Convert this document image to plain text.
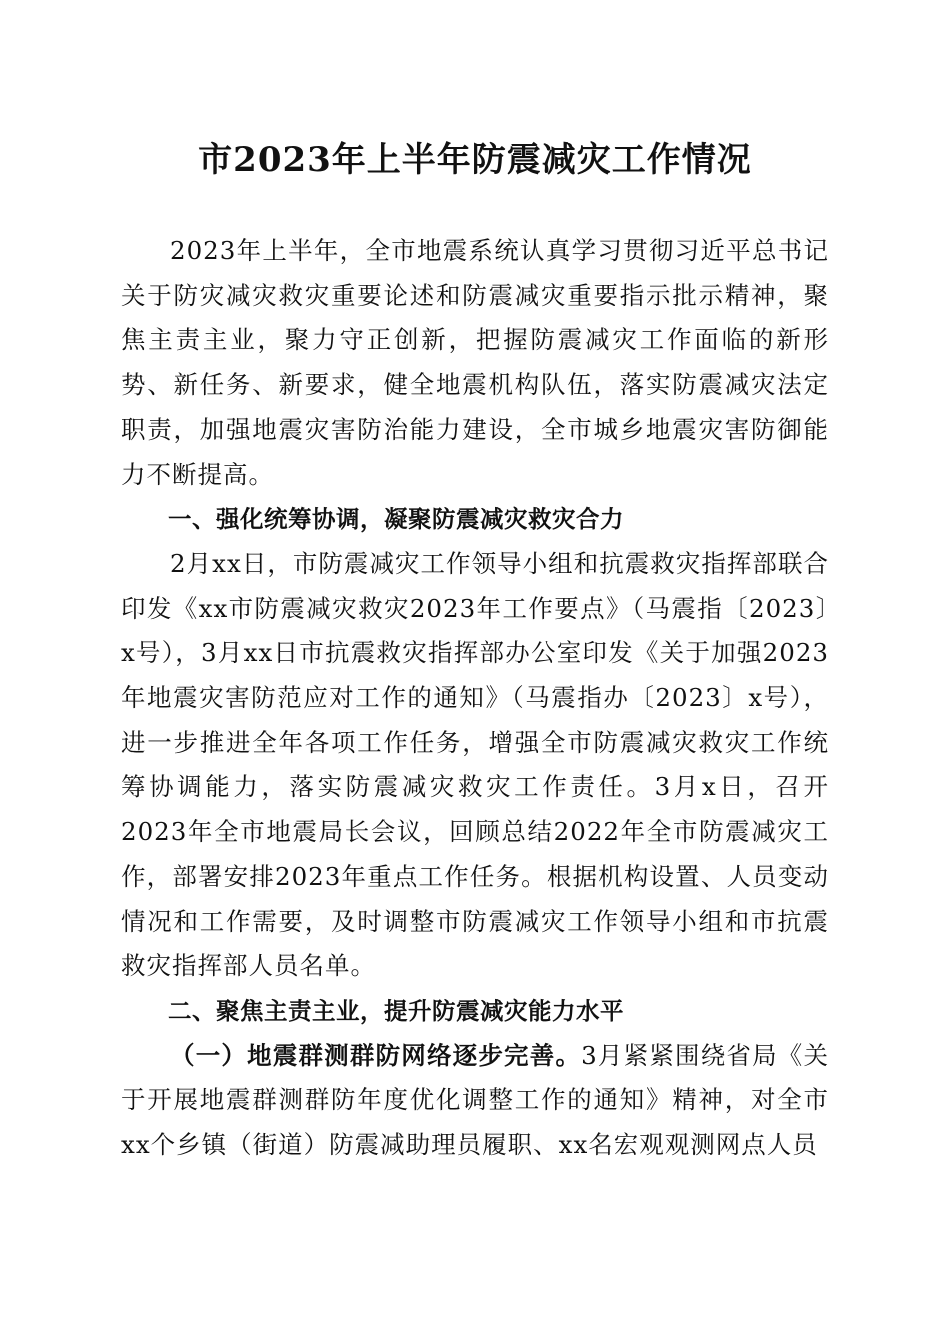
市2023年上半年防震减灾工作情况

2023年上半年，全市地震系统认真学习贯彻习近平总书记关于防灾减灾救灾重要论述和防震减灾重要指示批示精神，聚焦主责主业，聚力守正创新，把握防震减灾工作面临的新形势、新任务、新要求，健全地震机构队伍，落实防震减灾法定职责，加强地震灾害防治能力建设，全市城乡地震灾害防御能力不断提高。

一、强化统筹协调，凝聚防震减灾救灾合力

2月xx日，市防震减灾工作领导小组和抗震救灾指挥部联合印发《xx市防震减灾救灾2023年工作要点》（马震指〔2023〕x号），3月xx日市抗震救灾指挥部办公室印发《关于加强2023年地震灾害防范应对工作的通知》（马震指办〔2023〕x号），进一步推进全年各项工作任务，增强全市防震减灾救灾工作统筹协调能力，落实防震减灾救灾工作责任。3月x日，召开2023年全市地震局长会议，回顾总结2022年全市防震减灾工作，部署安排2023年重点工作任务。根据机构设置、人员变动情况和工作需要，及时调整市防震减灾工作领导小组和市抗震救灾指挥部人员名单。

二、聚焦主责主业，提升防震减灾能力水平

（一）地震群测群防网络逐步完善。3月紧紧围绕省局《关于开展地震群测群防年度优化调整工作的通知》精神，对全市xx个乡镇（街道）防震减助理员履职、xx名宏观观测网点人员
